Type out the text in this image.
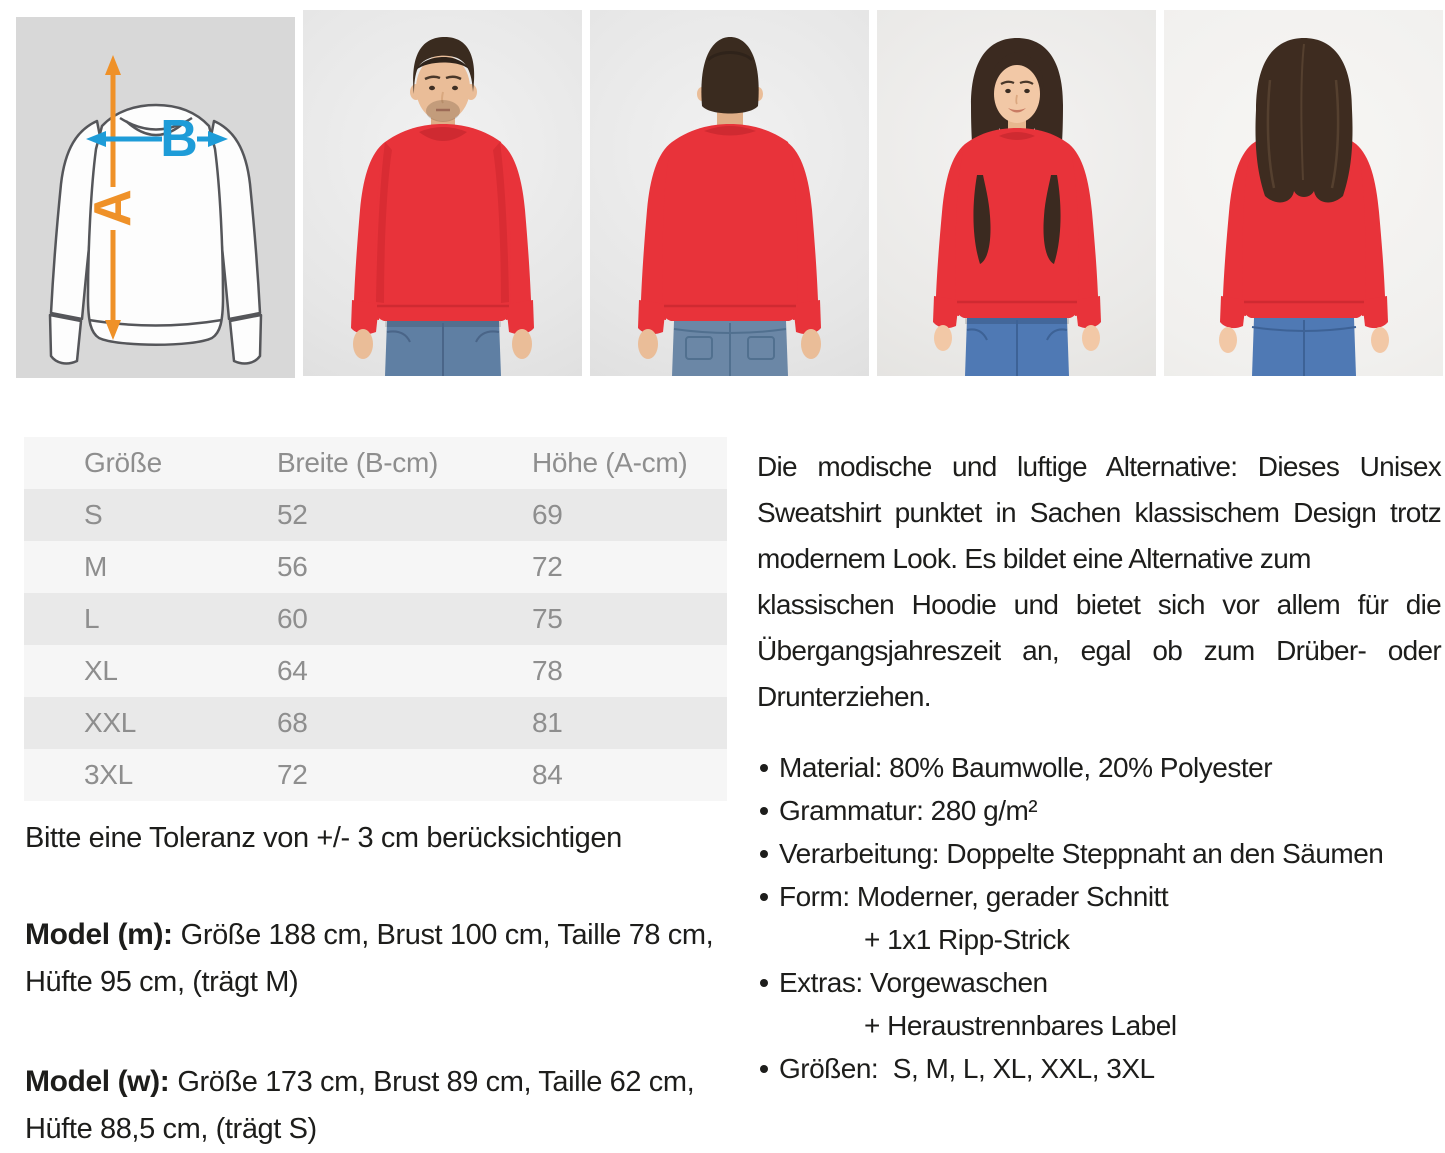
A
B
Größe	Breite (B-cm)	Höhe (A-cm)
S	52	69
M	56	72
L	60	75
XL	64	78
XXL	68	81
3XL	72	84
Bitte eine Toleranz von +/- 3 cm berücksichtigen

Model (m): Größe 188 cm, Brust 100 cm, Taille 78 cm, Hüfte 95 cm, (trägt M)

Model (w): Größe 173 cm, Brust 89 cm, Taille 62 cm, Hüfte 88,5 cm, (trägt S)

Die modische und luftige Alternative: Dieses Unisex
Sweatshirt punktet in Sachen klassischem Design trotz
modernem Look. Es bildet eine Alternative zum
klassischen Hoodie und bietet sich vor allem für die
Übergangsjahreszeit an, egal ob zum Drüber- oder
Drunterziehen.
Material: 80% Baumwolle, 20% Polyester
Grammatur: 280 g/m²
Verarbeitung: Doppelte Steppnaht an den Säumen
Form: Moderner, gerader Schnitt
+ 1x1 Ripp-Strick
Extras: Vorgewaschen
+ Heraustrennbares Label
Größen:  S, M, L, XL, XXL, 3XL
